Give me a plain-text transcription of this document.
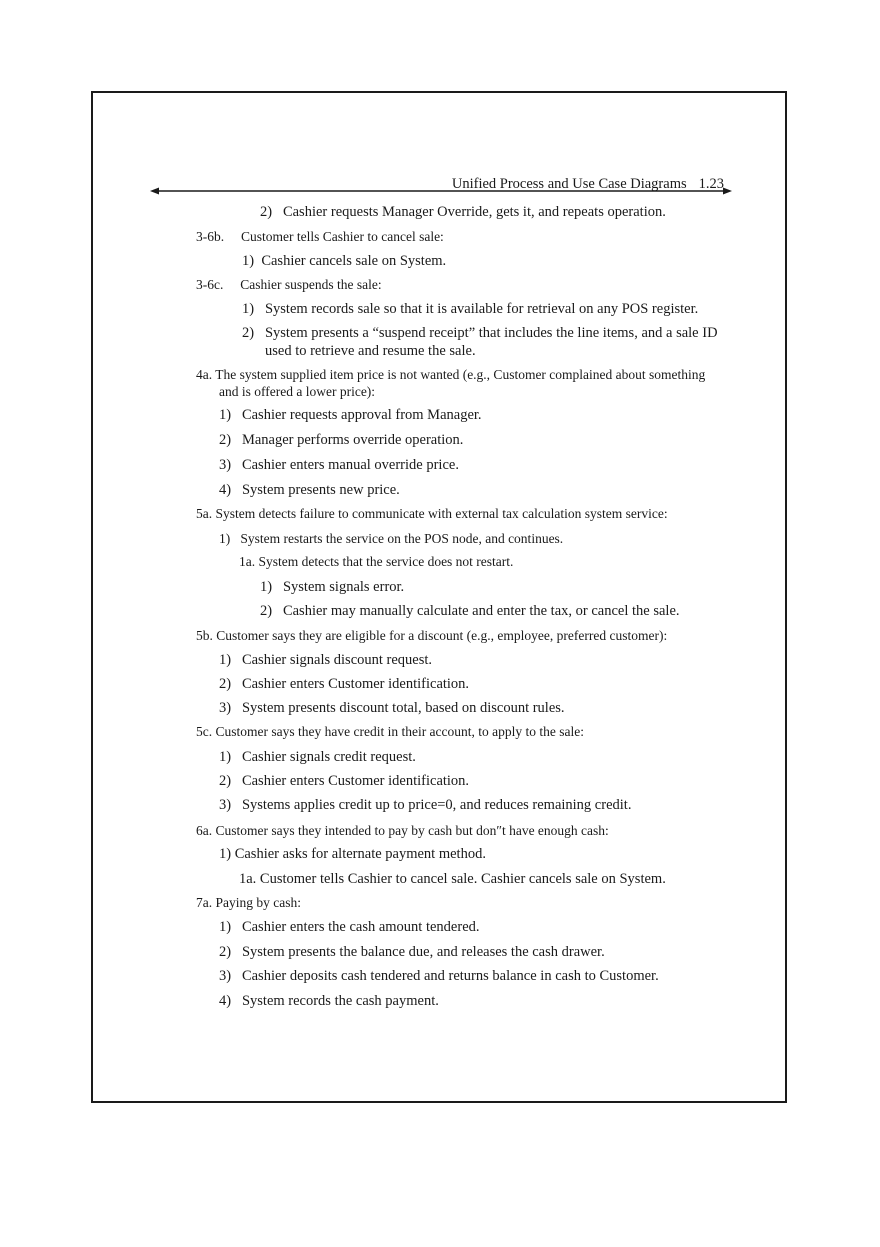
Unified Process and Use Case Diagrams 1.23
2)   Cashier requests Manager Override, gets it, and repeats operation.
3-6b.     Customer tells Cashier to cancel sale:
1)  Cashier cancels sale on System.
3-6c.     Cashier suspends the sale:
1)   System records sale so that it is available for retrieval on any POS register.
2)   System presents a “suspend receipt” that includes the line items, and a sale ID
used to retrieve and resume the sale.
4a. The system supplied item price is not wanted (e.g., Customer complained about something
and is offered a lower price):
1)   Cashier requests approval from Manager.
2)   Manager performs override operation.
3)   Cashier enters manual override price.
4)   System presents new price.
5a. System detects failure to communicate with external tax calculation system service:
1)   System restarts the service on the POS node, and continues.
1a. System detects that the service does not restart.
1)   System signals error.
2)   Cashier may manually calculate and enter the tax, or cancel the sale.
5b. Customer says they are eligible for a discount (e.g., employee, preferred customer):
1)   Cashier signals discount request.
2)   Cashier enters Customer identification.
3)   System presents discount total, based on discount rules.
5c. Customer says they have credit in their account, to apply to the sale:
1)   Cashier signals credit request.
2)   Cashier enters Customer identification.
3)   Systems applies credit up to price=0, and reduces remaining credit.
6a. Customer says they intended to pay by cash but don″t have enough cash:
1) Cashier asks for alternate payment method.
1a. Customer tells Cashier to cancel sale. Cashier cancels sale on System.
7a. Paying by cash:
1)   Cashier enters the cash amount tendered.
2)   System presents the balance due, and releases the cash drawer.
3)   Cashier deposits cash tendered and returns balance in cash to Customer.
4)   System records the cash payment.
